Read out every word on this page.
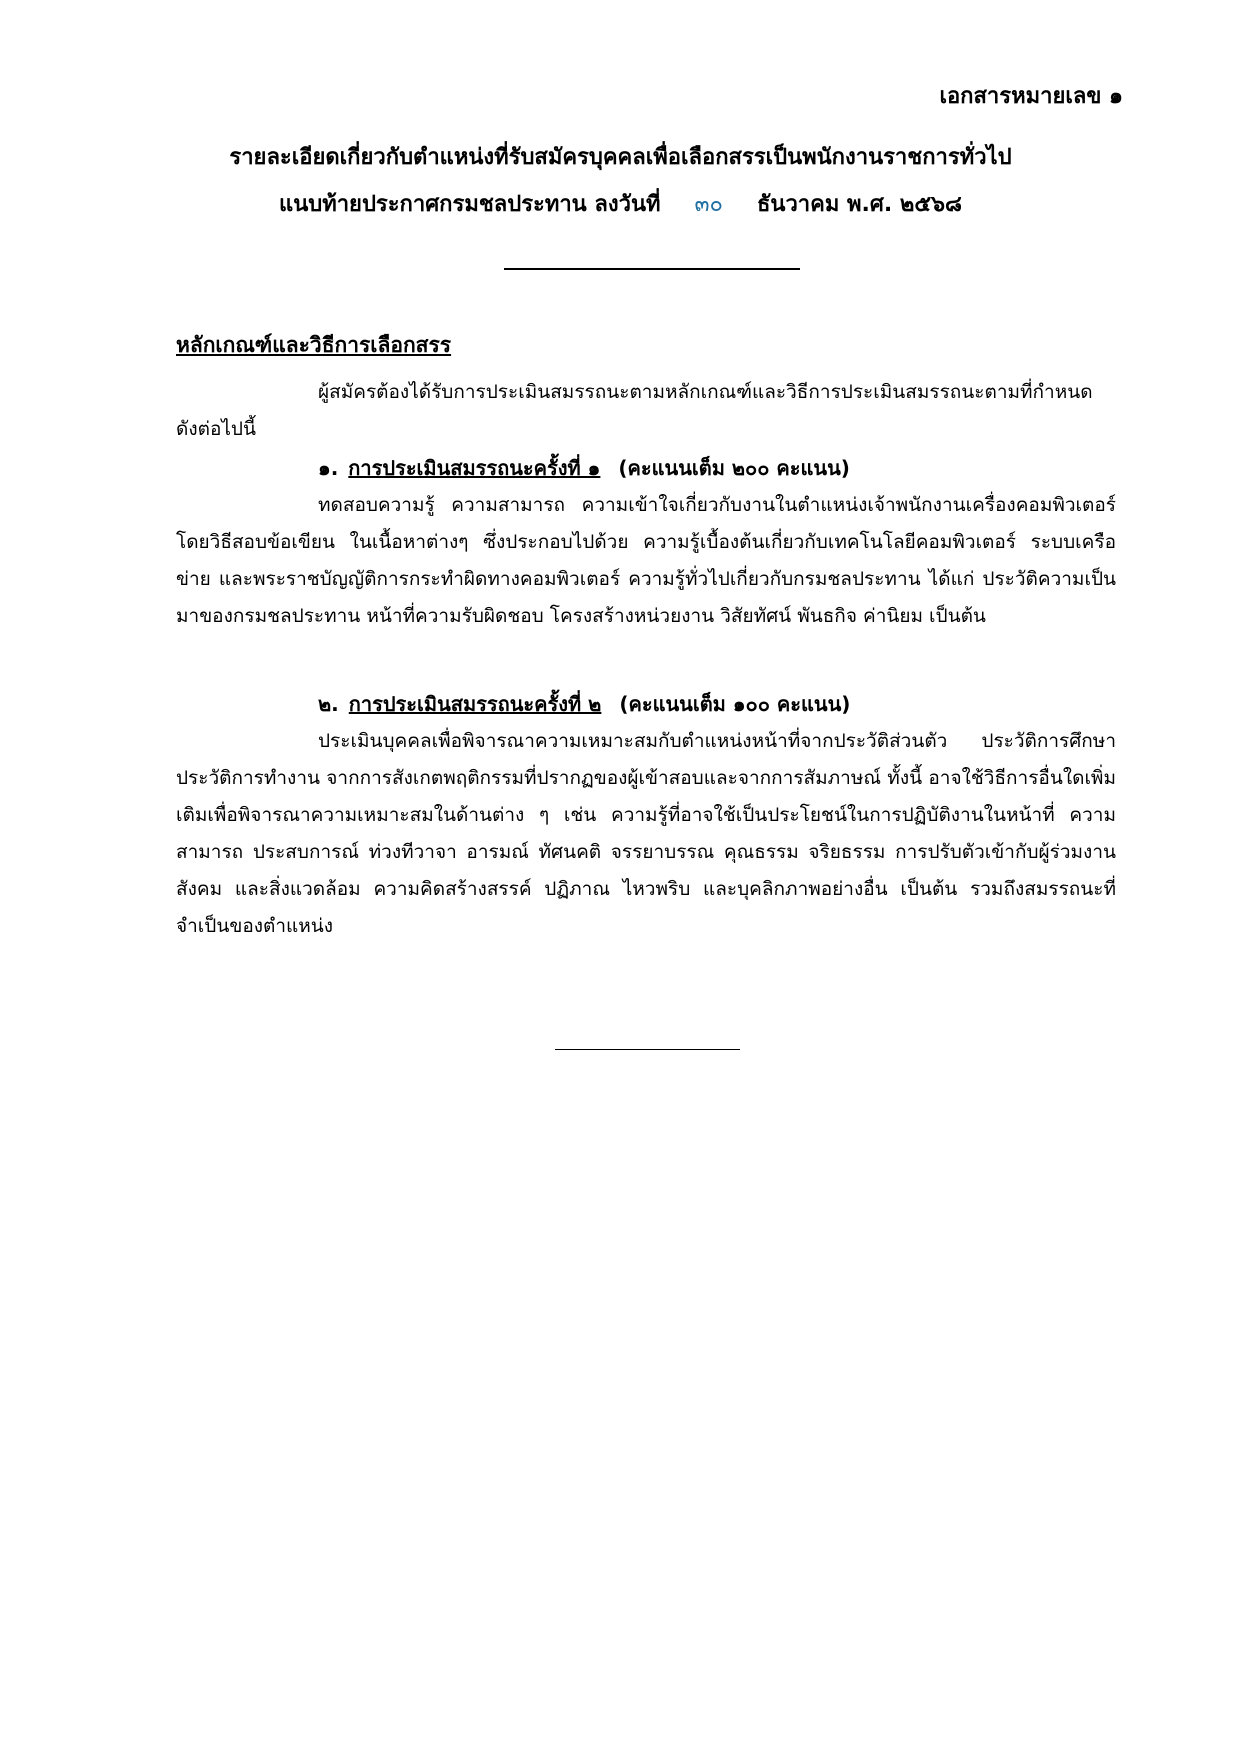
เอกสารหมายเลข ๑
รายละเอียดเกี่ยวกับตำแหน่งที่รับสมัครบุคคลเพื่อเลือกสรรเป็นพนักงานราชการทั่วไป
แนบท้ายประกาศกรมชลประทาน ลงวันที่ ๓๐ ธันวาคม พ.ศ. ๒๕๖๘
หลักเกณฑ์และวิธีการเลือกสรร

ผู้สมัครต้องได้รับการประเมินสมรรถนะตามหลักเกณฑ์และวิธีการประเมินสมรรถนะตามที่กำหนด ดังต่อไปนี้

๑. การประเมินสมรรถนะครั้งที่ ๑ (คะแนนเต็ม ๒๐๐ คะแนน)

ทดสอบความรู้ ความสามารถ ความเข้าใจเกี่ยวกับงานในตำแหน่งเจ้าพนักงานเครื่องคอมพิวเตอร์ โดยวิธีสอบข้อเขียน ในเนื้อหาต่างๆ ซึ่งประกอบไปด้วย ความรู้เบื้องต้นเกี่ยวกับเทคโนโลยีคอมพิวเตอร์ ระบบเครือข่าย และพระราชบัญญัติการกระทำผิดทางคอมพิวเตอร์ ความรู้ทั่วไปเกี่ยวกับกรมชลประทาน ได้แก่ ประวัติความเป็นมาของกรมชลประทาน หน้าที่ความรับผิดชอบ โครงสร้างหน่วยงาน วิสัยทัศน์ พันธกิจ ค่านิยม เป็นต้น

๒. การประเมินสมรรถนะครั้งที่ ๒ (คะแนนเต็ม ๑๐๐ คะแนน)

ประเมินบุคคลเพื่อพิจารณาความเหมาะสมกับตำแหน่งหน้าที่จากประวัติส่วนตัว ประวัติการศึกษา ประวัติการทำงาน จากการสังเกตพฤติกรรมที่ปรากฏของผู้เข้าสอบและจากการสัมภาษณ์ ทั้งนี้ อาจใช้วิธีการอื่นใดเพิ่มเติมเพื่อพิจารณาความเหมาะสมในด้านต่าง ๆ เช่น ความรู้ที่อาจใช้เป็นประโยชน์ในการปฏิบัติงานในหน้าที่ ความสามารถ ประสบการณ์ ท่วงทีวาจา อารมณ์ ทัศนคติ จรรยาบรรณ คุณธรรม จริยธรรม การปรับตัวเข้ากับผู้ร่วมงาน สังคม และสิ่งแวดล้อม ความคิดสร้างสรรค์ ปฏิภาณ ไหวพริบ และบุคลิกภาพอย่างอื่น เป็นต้น รวมถึงสมรรถนะที่จำเป็นของตำแหน่ง
